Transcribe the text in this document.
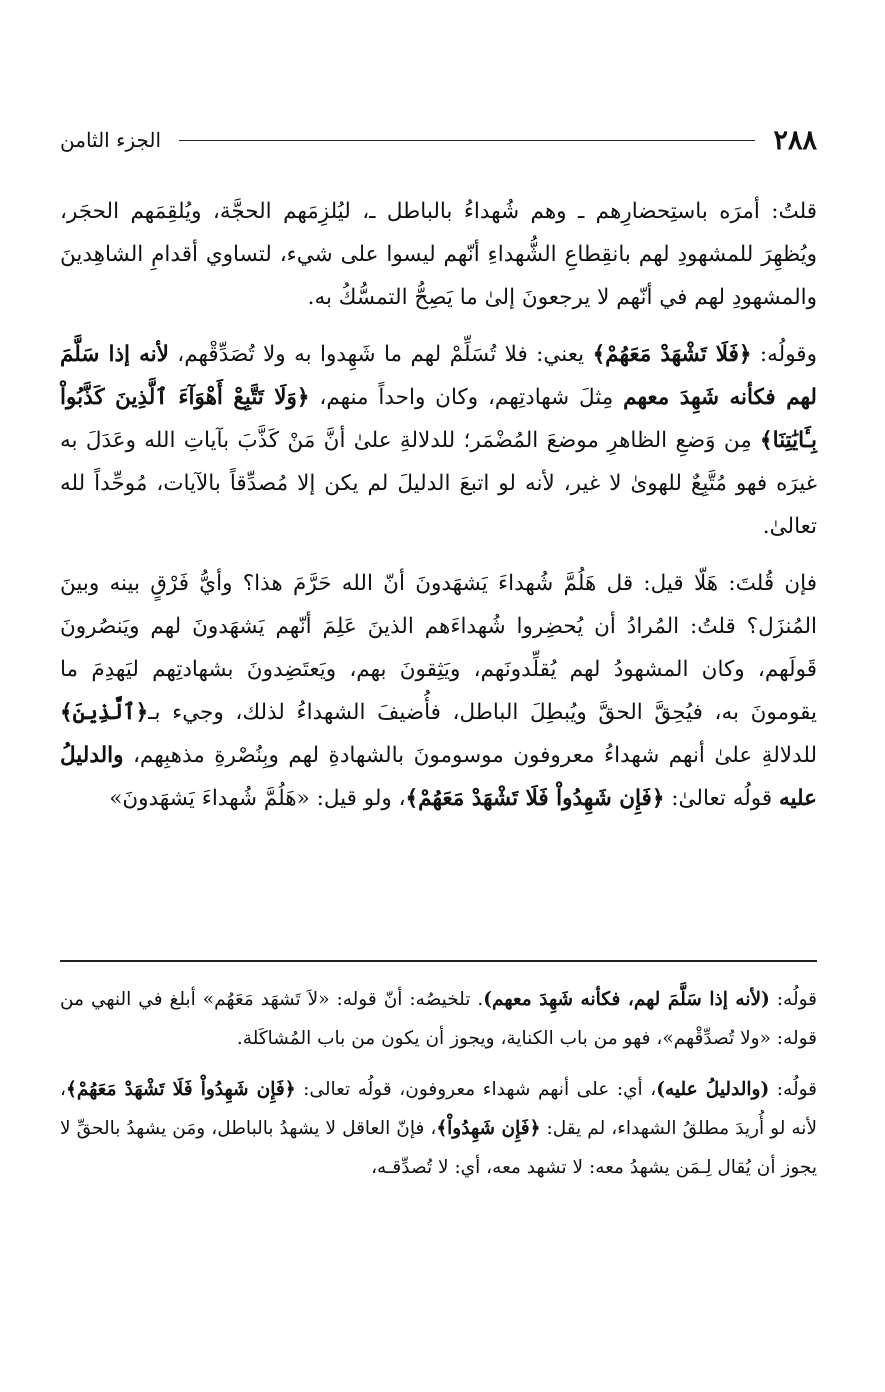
٢٨٨
الجزء الثامن

قلتُ: أمرَه باستِحضارِهم ـ وهم شُهداءُ بالباطل ـ، ليُلزِمَهم الحجَّة، ويُلقِمَهم الحجَر، ويُظهِرَ للمشهودِ لهم بانقِطاعِ الشُّهداءِ أنّهم ليسوا على شيء، لتساوي أقدامِ الشاهِدينَ والمشهودِ لهم في أنّهم لا يرجعونَ إلىٰ ما يَصِحُّ التمسُّكُ به.

وقولُه: ﴿فَلَا تَشْهَدْ مَعَهُمْ﴾ يعني: فلا تُسَلِّمْ لهم ما شَهِدوا به ولا تُصَدِّقْهم، لأنه إذا سَلَّمَ لهم فكأنه شَهِدَ معهم مِثلَ شهادتِهم، وكان واحداً منهم، ﴿وَلَا تَتَّبِعْ أَهْوَآءَ ٱلَّذِينَ كَذَّبُواْ بِـَٔايَٰتِنَا﴾ مِن وَضعِ الظاهرِ موضعَ المُضْمَر؛ للدلالةِ علىٰ أنَّ مَنْ كَذَّبَ بآياتِ الله وعَدَلَ به غيرَه فهو مُتَّبِعٌ للهوىٰ لا غير، لأنه لو اتبعَ الدليلَ لم يكن إلا مُصدِّقاً بالآيات، مُوحِّداً لله تعالىٰ.

فإن قُلتَ: هَلّا قيل: قل هَلُمَّ شُهداءَ يَشهَدونَ أنّ الله حَرَّمَ هذا؟ وأيُّ فَرْقٍ بينه وبينَ المُنزَل؟ قلتُ: المُرادُ أن يُحضِروا شُهداءَهم الذينَ عَلِمَ أنّهم يَشهَدونَ لهم ويَنصُرونَ قَولَهم، وكان المشهودُ لهم يُقلِّدونَهم، ويَثِقونَ بهم، ويَعتَضِدونَ بشهادتِهم ليَهدِمَ ما يقومونَ به، فيُحِقَّ الحقَّ ويُبطِلَ الباطل، فأُضيفَ الشهداءُ لذلك، وجيء بـ﴿ٱلَّذِينَ﴾ للدلالةِ علىٰ أنهم شهداءُ معروفون موسومونَ بالشهادةِ لهم وبِنُصْرةِ مذهبِهم، والدليلُ عليه قولُه تعالىٰ: ﴿فَإِن شَهِدُواْ فَلَا تَشْهَدْ مَعَهُمْ﴾، ولو قيل: «هَلُمَّ شُهداءَ يَشهَدونَ»

قولُه: (لأنه إذا سَلَّمَ لهم، فكأنه شَهِدَ معهم). تلخيصُه: أنّ قوله: «لاَ تَشهَد مَعَهُم» أبلغ في النهي من قوله: «ولا تُصدِّقْهم»، فهو من باب الكناية، ويجوز أن يكون من باب المُشاكَلة.

قولُه: (والدليلُ عليه)، أي: على أنهم شهداء معروفون، قولُه تعالى: ﴿فَإِن شَهِدُواْ فَلَا تَشْهَدْ مَعَهُمْ﴾، لأنه لو أُريدَ مطلقُ الشهداء، لم يقل: ﴿فَإِن شَهِدُواْ﴾، فإنّ العاقل لا يشهدُ بالباطل، ومَن يشهدُ بالحقِّ لا يجوز أن يُقال لِـمَن يشهدُ معه: لا تشهد معه، أي: لا تُصدِّقـه،
